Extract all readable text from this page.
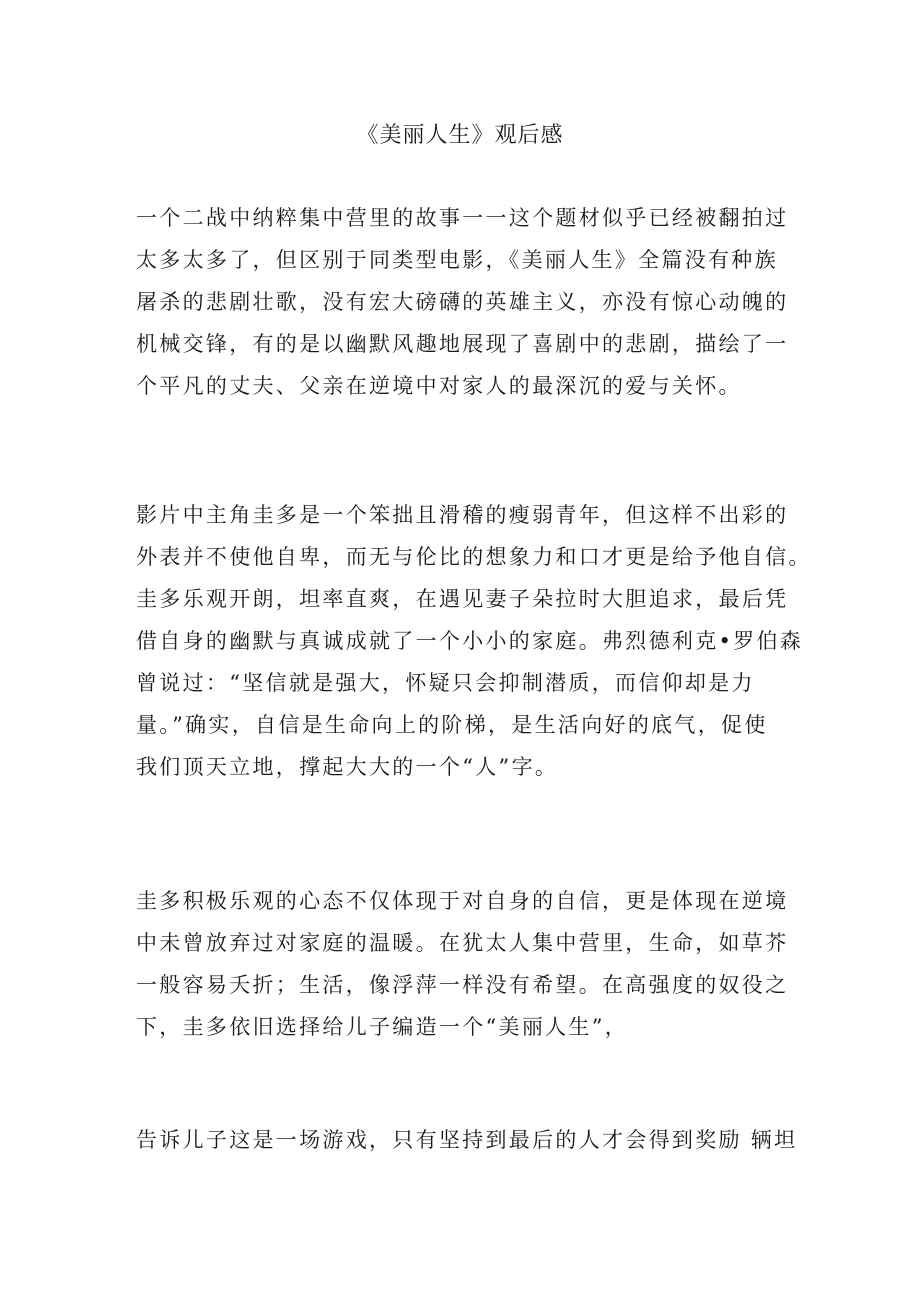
《美丽人生》观后感
一个二战中纳粹集中营里的故事一一这个题材似乎已经被翻拍过
太多太多了，但区别于同类型电影，《美丽人生》全篇没有种族
屠杀的悲剧壮歌，没有宏大磅礴的英雄主义，亦没有惊心动魄的
机械交锋，有的是以幽默风趣地展现了喜剧中的悲剧，描绘了一
个平凡的丈夫、父亲在逆境中对家人的最深沉的爱与关怀。
影片中主角圭多是一个笨拙且滑稽的瘦弱青年，但这样不出彩的
外表并不使他自卑，而无与伦比的想象力和口才更是给予他自信。
圭多乐观开朗，坦率直爽，在遇见妻子朵拉时大胆追求，最后凭
借自身的幽默与真诚成就了一个小小的家庭。弗烈德利克•罗伯森
曾说过：“坚信就是强大，怀疑只会抑制潜质，而信仰却是力
量。”确实，自信是生命向上的阶梯，是生活向好的底气，促使
我们顶天立地，撑起大大的一个“人”字。
圭多积极乐观的心态不仅体现于对自身的自信，更是体现在逆境
中未曾放弃过对家庭的温暖。在犹太人集中营里，生命，如草芥
一般容易夭折；生活，像浮萍一样没有希望。在高强度的奴役之
下，圭多依旧选择给儿子编造一个“美丽人生”，
告诉儿子这是一场游戏，只有坚持到最后的人才会得到奖励 辆坦
